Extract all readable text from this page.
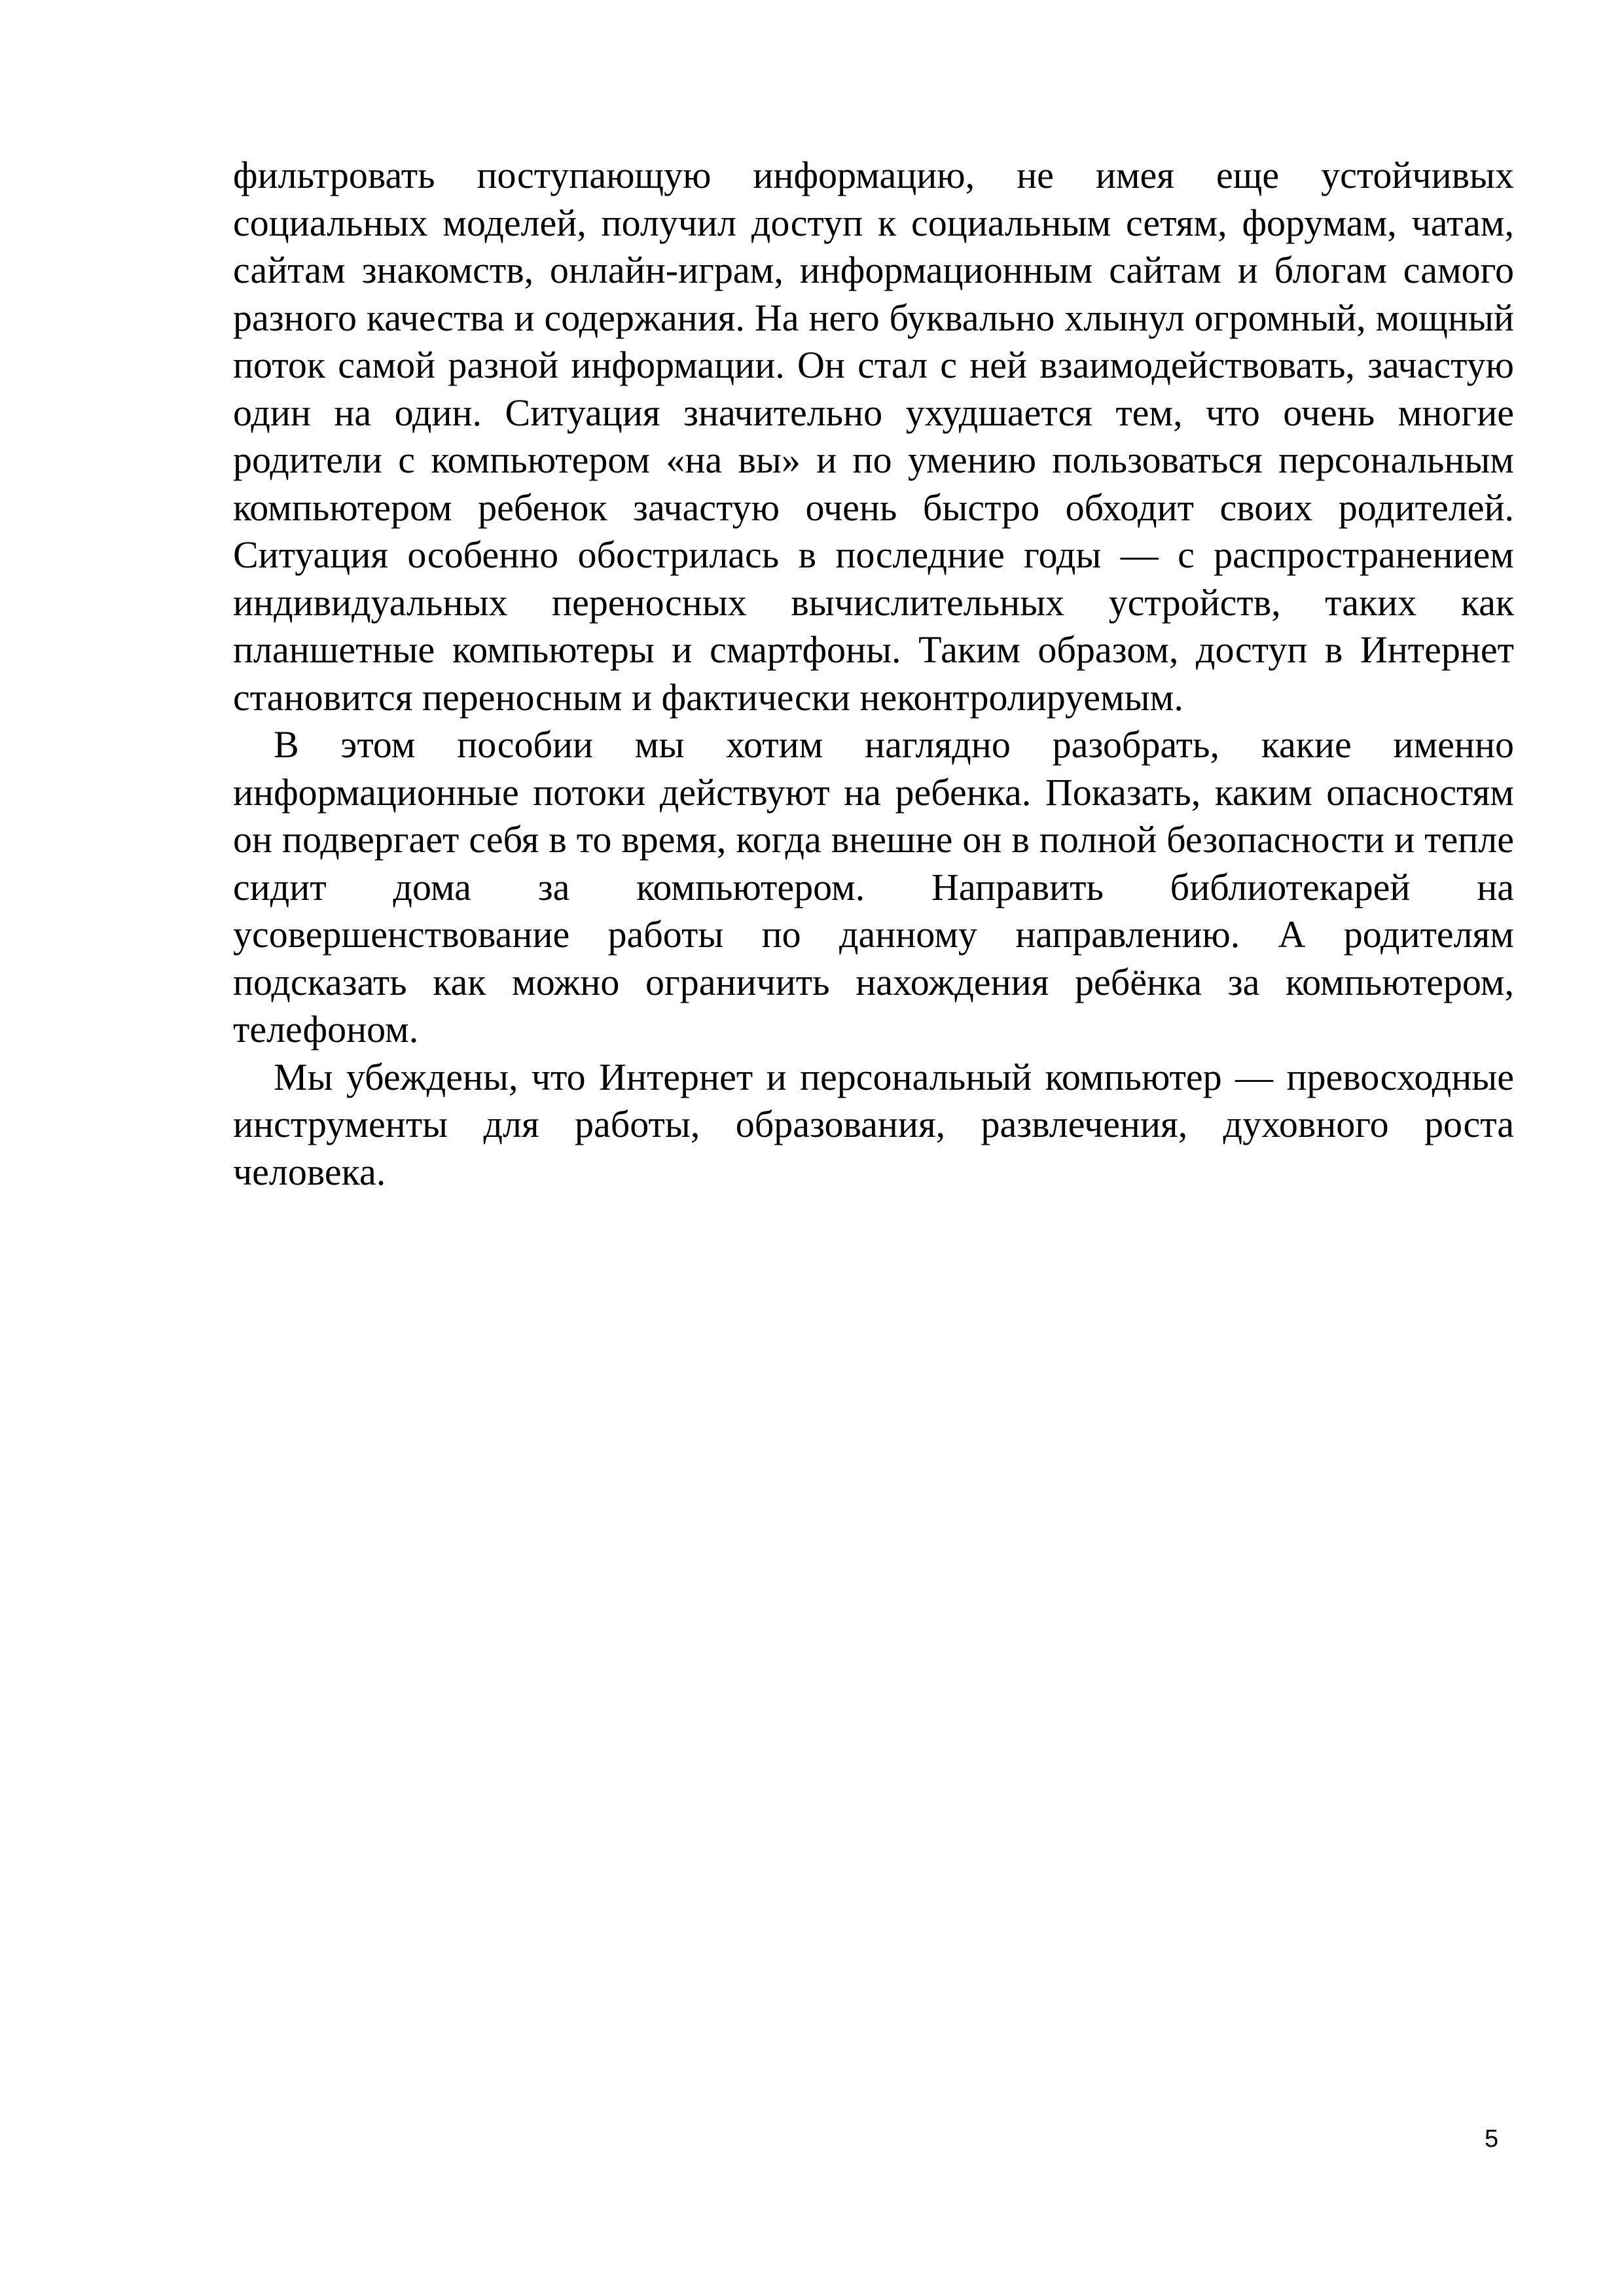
фильтровать поступающую информацию, не имея еще устойчивых социальных моделей, получил доступ к социальным сетям, форумам, чатам, сайтам знакомств, онлайн-играм, информационным сайтам и блогам самого разного качества и содержания. На него буквально хлынул огромный, мощный поток самой разной информации. Он стал с ней взаимодействовать, зачастую один на один. Ситуация значительно ухудшается тем, что очень многие родители с компьютером «на вы» и по умению пользоваться персональным компьютером ребенок зачастую очень быстро обходит своих родителей. Ситуация особенно обострилась в последние годы — с распространением индивидуальных переносных вычислительных устройств, таких как планшетные компьютеры и смартфоны. Таким образом, доступ в Интернет становится переносным и фактически неконтролируемым.

В этом пособии мы хотим наглядно разобрать, какие именно информационные потоки действуют на ребенка. Показать, каким опасностям он подвергает себя в то время, когда внешне он в полной безопасности и тепле сидит дома за компьютером. Направить библиотекарей на усовершенствование работы по данному направлению. А родителям подсказать как можно ограничить нахождения ребёнка за компьютером, телефоном.

Мы убеждены, что Интернет и персональный компьютер — превосходные инструменты для работы, образования, развлечения, духовного роста человека.

5
